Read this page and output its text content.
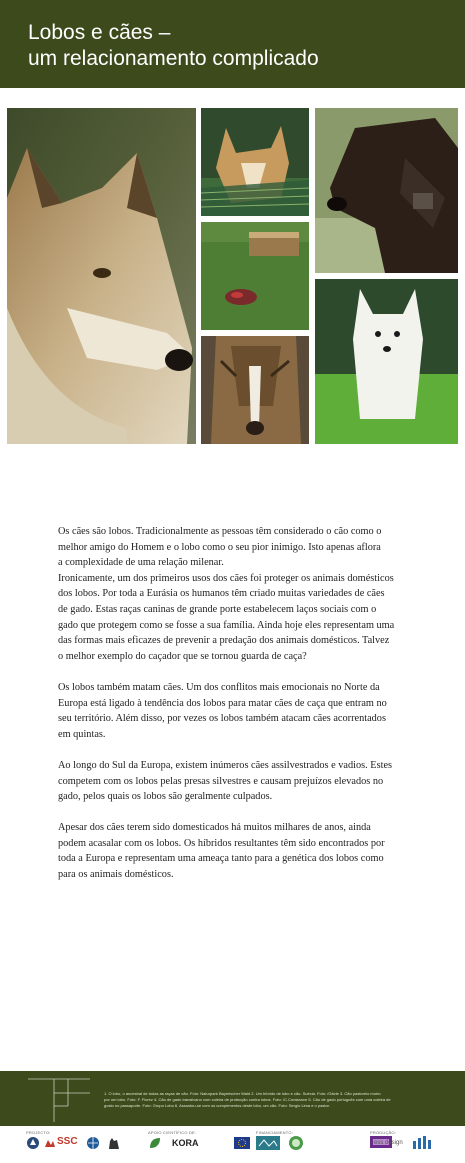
Lobos e cães –
um relacionamento complicado

Os cães são lobos. Tradicionalmente as pessoas têm considerado o cão como o
melhor amigo do Homem e o lobo como o seu pior inimigo. Isto apenas aflora
a complexidade de uma relação milenar.
Ironicamente, um dos primeiros usos dos cães foi proteger os animais domésticos
dos lobos. Por toda a Eurásia os humanos têm criado muitas variedades de cães
de gado. Estas raças caninas de grande porte estabelecem laços sociais com o
gado que protegem como se fosse a sua família. Ainda hoje eles representam uma
das formas mais eficazes de prevenir a predação dos animais domésticos. Talvez
o melhor exemplo do caçador que se tornou guarda de caça?

Os lobos também matam cães. Um dos conflitos mais emocionais no Norte da
Europa está ligado à tendência dos lobos para matar cães de caça que entram no
seu território. Além disso, por vezes os lobos também atacam cães acorrentados
em quintas.

Ao longo do Sul da Europa, existem inúmeros cães assilvestrados e vadios. Estes
competem com os lobos pelas presas silvestres e causam prejuízos elevados no
gado, pelos quais os lobos são geralmente culpados.

Apesar dos cães terem sido domesticados há muitos milhares de anos, ainda
podem acasalar com os lobos. Os híbridos resultantes têm sido encontrados por
toda a Europa e representam uma ameaça tanto para a genética dos lobos como
para os animais domésticos.

1. O lobo, o ancestral de todas as raças de cão. Foto: Naturpark Bayerischer Wald 2. Um híbrido de lobo e cão. Suécia. Foto: /Gävle 3. Cão pastoreio morto
por um lobo. Foto: F. Florez 4. Cão de gado transilvano com coleira de protecção contra lobos. Foto: /C.Constance 5. Cão de gado português com uma coleira de
gosto no passaporte. Foto: Grupo Lobo 6. Assustou-se com os cumprimentos deste lobo, um cão. Foto: Sergio Lima e o pastor.
PROJECTO:	APOIO CIENTÍFICO DE:	FINANCIAMENTO:	PRODUÇÃO:
SSC	KORA	ess design
